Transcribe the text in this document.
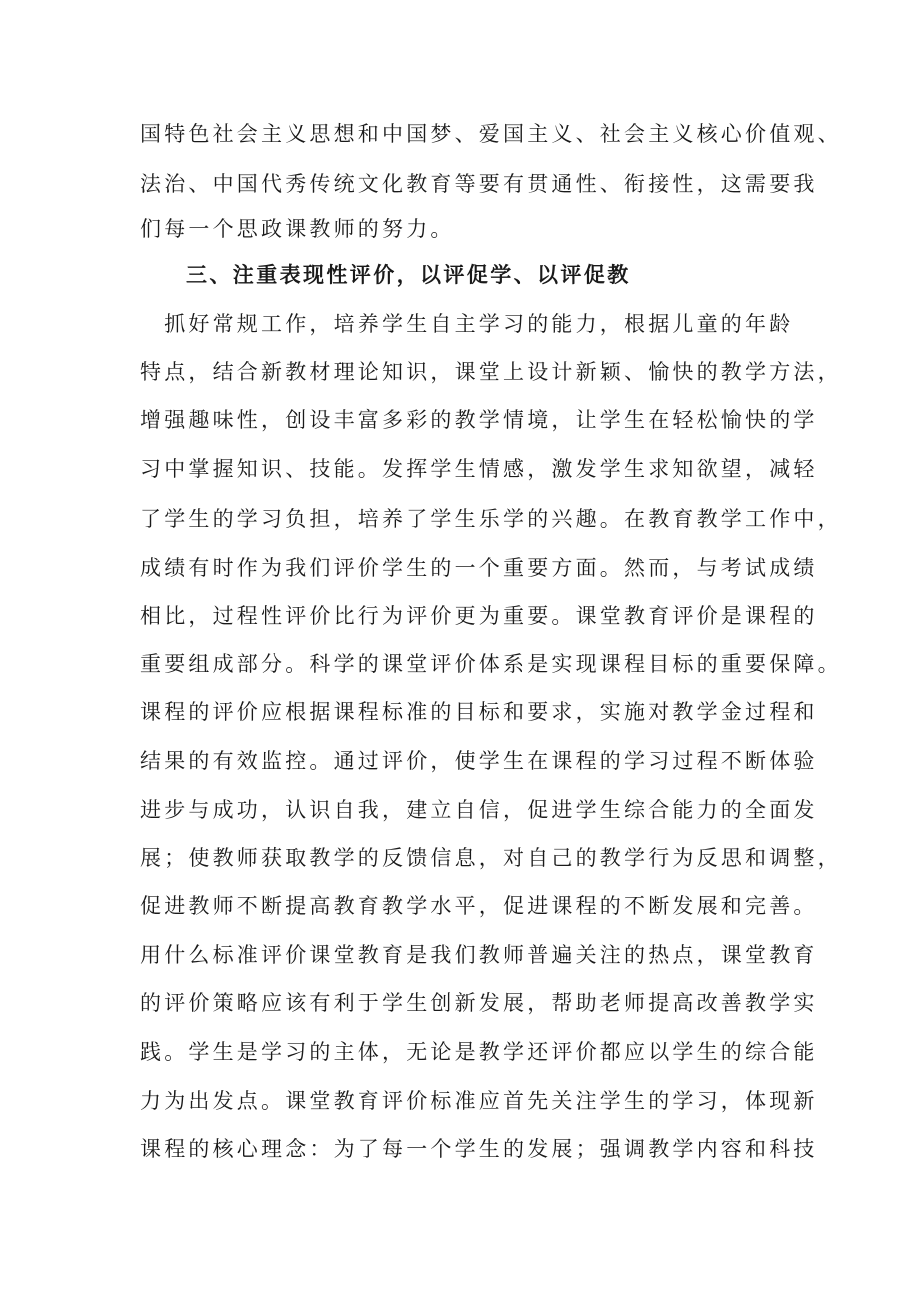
国特色社会主义思想和中国梦、爱国主义、社会主义核心价值观、
法治、中国代秀传统文化教育等要有贯通性、衔接性，这需要我
们每一个思政课教师的努力。
三、注重表现性评价，以评促学、以评促教
　抓好常规工作，培养学生自主学习的能力，根据儿童的年龄
特点，结合新教材理论知识，课堂上设计新颖、愉快的教学方法，
增强趣味性，创设丰富多彩的教学情境，让学生在轻松愉快的学
习中掌握知识、技能。发挥学生情感，激发学生求知欲望，减轻
了学生的学习负担，培养了学生乐学的兴趣。在教育教学工作中，
成绩有时作为我们评价学生的一个重要方面。然而，与考试成绩
相比，过程性评价比行为评价更为重要。课堂教育评价是课程的
重要组成部分。科学的课堂评价体系是实现课程目标的重要保障。
课程的评价应根据课程标准的目标和要求，实施对教学金过程和
结果的有效监控。通过评价，使学生在课程的学习过程不断体验
进步与成功，认识自我，建立自信，促进学生综合能力的全面发
展；使教师获取教学的反馈信息，对自己的教学行为反思和调整，
促进教师不断提高教育教学水平，促进课程的不断发展和完善。
用什么标准评价课堂教育是我们教师普遍关注的热点，课堂教育
的评价策略应该有利于学生创新发展，帮助老师提高改善教学实
践。学生是学习的主体，无论是教学还评价都应以学生的综合能
力为出发点。课堂教育评价标准应首先关注学生的学习，体现新
课程的核心理念：为了每一个学生的发展；强调教学内容和科技
